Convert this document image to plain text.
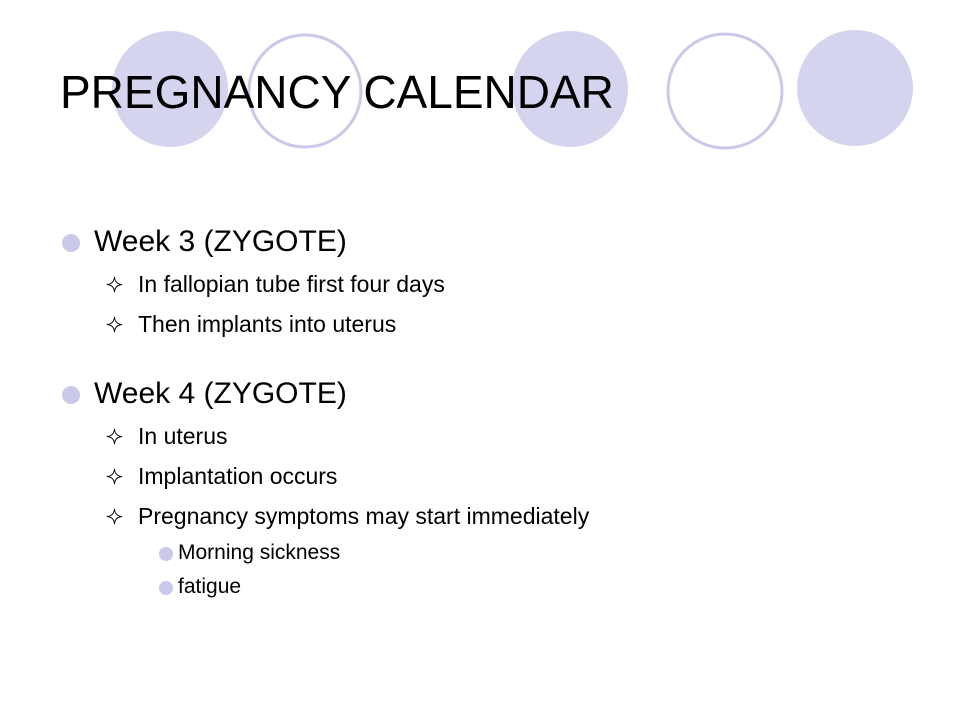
PREGNANCY CALENDAR
Week 3 (ZYGOTE)
In fallopian tube first four days
Then implants into uterus
Week 4 (ZYGOTE)
In uterus
Implantation occurs
Pregnancy symptoms may start immediately
Morning sickness
fatigue
